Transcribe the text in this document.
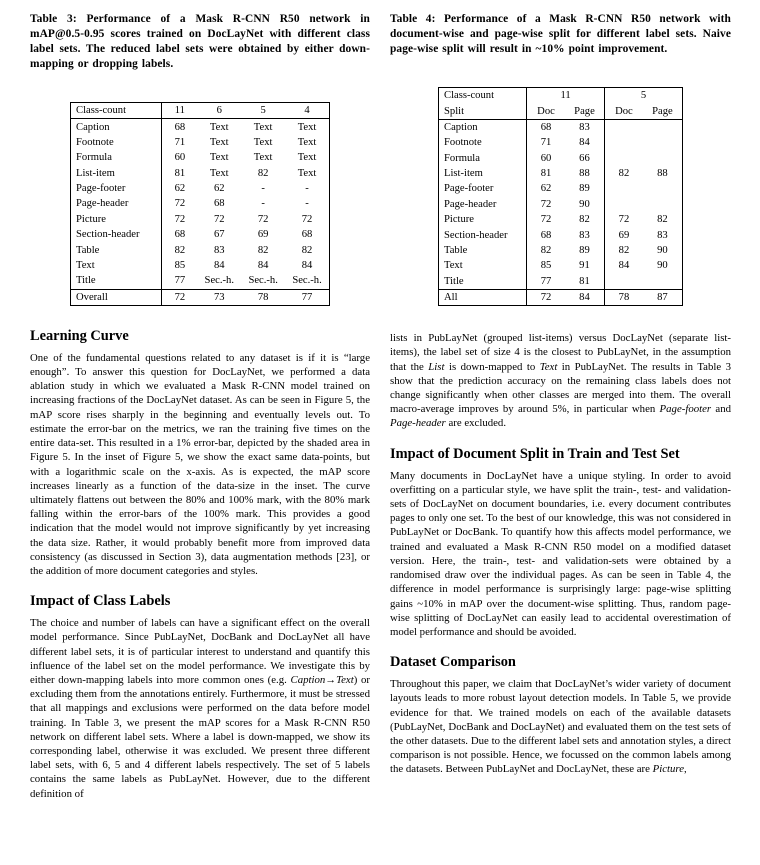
Table 3: Performance of a Mask R-CNN R50 network in mAP@0.5-0.95 scores trained on DocLayNet with different class label sets. The reduced label sets were obtained by either down-mapping or dropping labels.
Class-count	11	6	5	4
Caption	68	Text	Text	Text
Footnote	71	Text	Text	Text
Formula	60	Text	Text	Text
List-item	81	Text	82	Text
Page-footer	62	62	-	-
Page-header	72	68	-	-
Picture	72	72	72	72
Section-header	68	67	69	68
Table	82	83	82	82
Text	85	84	84	84
Title	77	Sec.-h.	Sec.-h.	Sec.-h.
Overall	72	73	78	77
Learning Curve
One of the fundamental questions related to any dataset is if it is “large enough”. To answer this question for DocLayNet, we performed a data ablation study in which we evaluated a Mask R-CNN model trained on increasing fractions of the DocLayNet dataset. As can be seen in Figure 5, the mAP score rises sharply in the beginning and eventually levels out. To estimate the error-bar on the metrics, we ran the training five times on the entire data-set. This resulted in a 1% error-bar, depicted by the shaded area in Figure 5. In the inset of Figure 5, we show the exact same data-points, but with a logarithmic scale on the x-axis. As is expected, the mAP score increases linearly as a function of the data-size in the inset. The curve ultimately flattens out between the 80% and 100% mark, with the 80% mark falling within the error-bars of the 100% mark. This provides a good indication that the model would not improve significantly by yet increasing the data size. Rather, it would probably benefit more from improved data consistency (as discussed in Section 3), data augmentation methods [23], or the addition of more document categories and styles.
Impact of Class Labels
The choice and number of labels can have a significant effect on the overall model performance. Since PubLayNet, DocBank and DocLayNet all have different label sets, it is of particular interest to understand and quantify this influence of the label set on the model performance. We investigate this by either down-mapping labels into more common ones (e.g. Caption→Text) or excluding them from the annotations entirely. Furthermore, it must be stressed that all mappings and exclusions were performed on the data before model training. In Table 3, we present the mAP scores for a Mask R-CNN R50 network on different label sets. Where a label is down-mapped, we show its corresponding label, otherwise it was excluded. We present three different label sets, with 6, 5 and 4 different labels respectively. The set of 5 labels contains the same labels as PubLayNet. However, due to the different definition of
Table 4: Performance of a Mask R-CNN R50 network with document-wise and page-wise split for different label sets. Naive page-wise split will result in ~10% point improvement.
Class-count	11		5	
Split	Doc	Page	Doc	Page
Caption	68	83		
Footnote	71	84		
Formula	60	66		
List-item	81	88	82	88
Page-footer	62	89		
Page-header	72	90		
Picture	72	82	72	82
Section-header	68	83	69	83
Table	82	89	82	90
Text	85	91	84	90
Title	77	81		
All	72	84	78	87
lists in PubLayNet (grouped list-items) versus DocLayNet (separate list-items), the label set of size 4 is the closest to PubLayNet, in the assumption that the List is down-mapped to Text in PubLayNet. The results in Table 3 show that the prediction accuracy on the remaining class labels does not change significantly when other classes are merged into them. The overall macro-average improves by around 5%, in particular when Page-footer and Page-header are excluded.
Impact of Document Split in Train and Test Set
Many documents in DocLayNet have a unique styling. In order to avoid overfitting on a particular style, we have split the train-, test- and validation-sets of DocLayNet on document boundaries, i.e. every document contributes pages to only one set. To the best of our knowledge, this was not considered in PubLayNet or DocBank. To quantify how this affects model performance, we trained and evaluated a Mask R-CNN R50 model on a modified dataset version. Here, the train-, test- and validation-sets were obtained by a randomised draw over the individual pages. As can be seen in Table 4, the difference in model performance is surprisingly large: page-wise splitting gains ~10% in mAP over the document-wise splitting. Thus, random page-wise splitting of DocLayNet can easily lead to accidental overestimation of model performance and should be avoided.
Dataset Comparison
Throughout this paper, we claim that DocLayNet’s wider variety of document layouts leads to more robust layout detection models. In Table 5, we provide evidence for that. We trained models on each of the available datasets (PubLayNet, DocBank and DocLayNet) and evaluated them on the test sets of the other datasets. Due to the different label sets and annotation styles, a direct comparison is not possible. Hence, we focussed on the common labels among the datasets. Between PubLayNet and DocLayNet, these are Picture,
